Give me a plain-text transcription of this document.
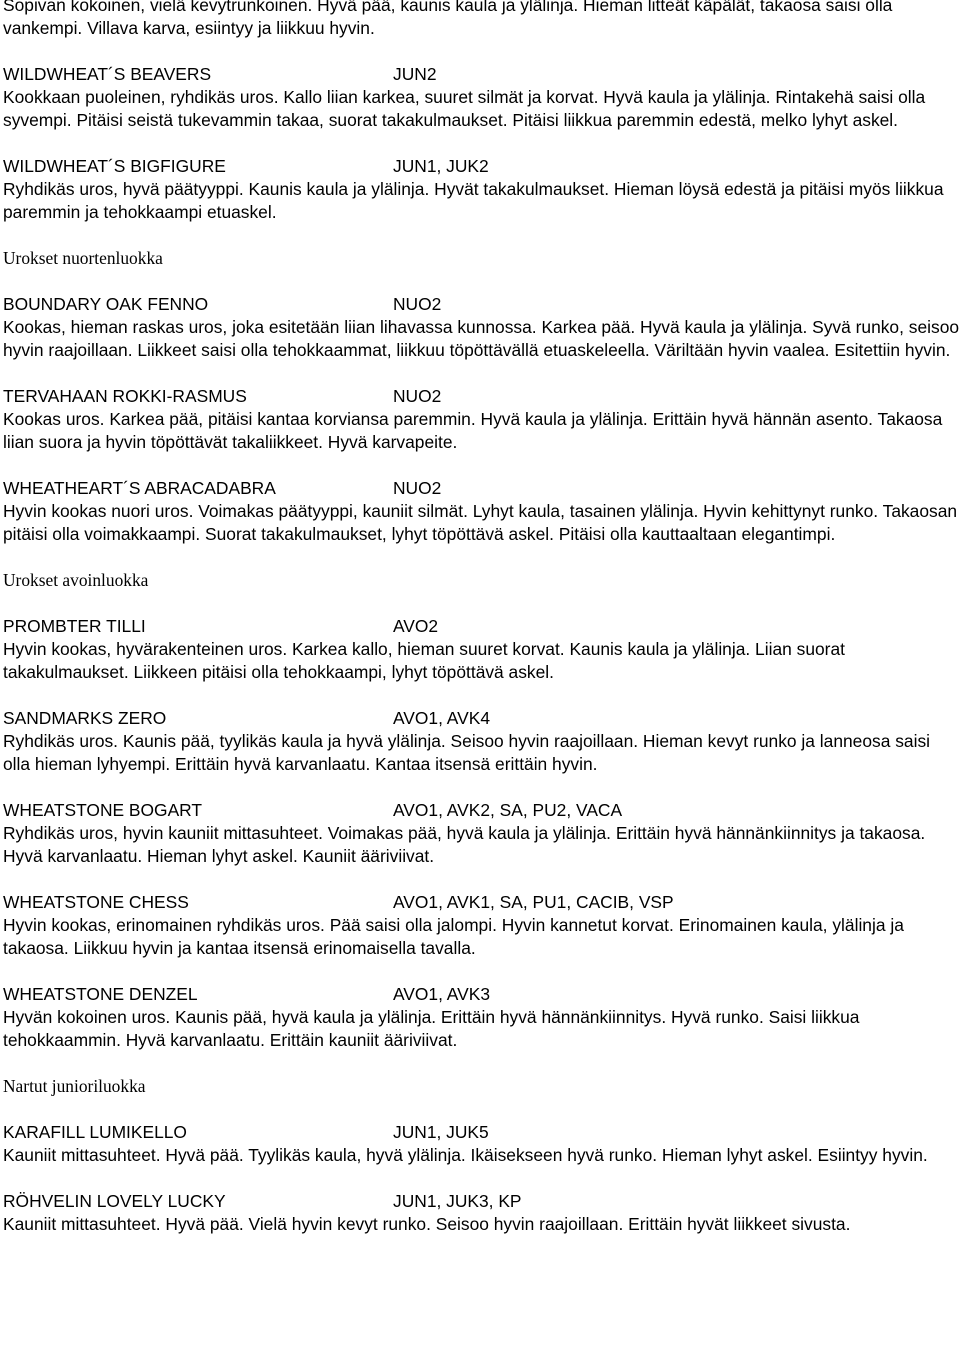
Sopivan kokoinen, vielä kevytrunkoinen. Hyvä pää, kaunis kaula ja ylälinja. Hieman litteät käpälät, takaosa saisi olla vankempi. Villava karva, esiintyy ja liikkuu hyvin.

WILDWHEAT´S BEAVERS	JUN2

Kookkaan puoleinen, ryhdikäs uros. Kallo liian karkea, suuret silmät ja korvat. Hyvä kaula ja ylälinja. Rintakehä saisi olla syvempi. Pitäisi seistä tukevammin takaa, suorat takakulmaukset. Pitäisi liikkua paremmin edestä, melko lyhyt askel.

WILDWHEAT´S BIGFIGURE	JUN1, JUK2

Ryhdikäs uros, hyvä päätyyppi. Kaunis kaula ja ylälinja. Hyvät takakulmaukset. Hieman löysä edestä ja pitäisi myös liikkua paremmin ja tehokkaampi etuaskel.

Urokset nuortenluokka
BOUNDARY OAK FENNO	NUO2

Kookas, hieman raskas uros, joka esitetään liian lihavassa kunnossa. Karkea pää. Hyvä kaula ja ylälinja. Syvä runko, seisoo hyvin raajoillaan. Liikkeet saisi olla tehokkaammat, liikkuu töpöttävällä etuaskeleella. Väriltään hyvin vaalea. Esitettiin hyvin.

TERVAHAAN ROKKI-RASMUS	NUO2

Kookas uros. Karkea pää, pitäisi kantaa korviansa paremmin. Hyvä kaula ja ylälinja. Erittäin hyvä hännän asento. Takaosa liian suora ja hyvin töpöttävät takaliikkeet. Hyvä karvapeite.

WHEATHEART´S ABRACADABRA	NUO2

Hyvin kookas nuori uros. Voimakas päätyyppi, kauniit silmät. Lyhyt kaula, tasainen ylälinja. Hyvin kehittynyt runko. Takaosan pitäisi olla voimakkaampi. Suorat takakulmaukset, lyhyt töpöttävä askel. Pitäisi olla kauttaaltaan elegantimpi.

Urokset avoinluokka
PROMBTER TILLI	AVO2

Hyvin kookas, hyvärakenteinen uros. Karkea kallo, hieman suuret korvat. Kaunis kaula ja ylälinja. Liian suorat takakulmaukset. Liikkeen pitäisi olla tehokkaampi, lyhyt töpöttävä askel.

SANDMARKS ZERO	AVO1, AVK4

Ryhdikäs uros. Kaunis pää, tyylikäs kaula ja hyvä ylälinja. Seisoo hyvin raajoillaan. Hieman kevyt runko ja lanneosa saisi olla hieman lyhyempi. Erittäin hyvä karvanlaatu. Kantaa itsensä erittäin hyvin.

WHEATSTONE BOGART	AVO1, AVK2, SA, PU2, VACA

Ryhdikäs uros, hyvin kauniit mittasuhteet. Voimakas pää, hyvä kaula ja ylälinja. Erittäin hyvä hännänkiinnitys ja takaosa. Hyvä karvanlaatu. Hieman lyhyt askel. Kauniit ääriviivat.

WHEATSTONE CHESS	AVO1, AVK1, SA, PU1, CACIB, VSP

Hyvin kookas, erinomainen ryhdikäs uros. Pää saisi olla jalompi. Hyvin kannetut korvat. Erinomainen kaula, ylälinja ja takaosa. Liikkuu hyvin ja kantaa itsensä erinomaisella tavalla.

WHEATSTONE DENZEL	AVO1, AVK3

Hyvän kokoinen uros. Kaunis pää, hyvä kaula ja ylälinja. Erittäin hyvä hännänkiinnitys. Hyvä runko. Saisi liikkua tehokkaammin. Hyvä karvanlaatu. Erittäin kauniit ääriviivat.

Nartut junioriluokka
KARAFILL LUMIKELLO	JUN1, JUK5

Kauniit mittasuhteet. Hyvä pää. Tyylikäs kaula, hyvä ylälinja. Ikäisekseen hyvä runko. Hieman lyhyt askel. Esiintyy hyvin.

RÖHVELIN LOVELY LUCKY	JUN1, JUK3, KP

Kauniit mittasuhteet. Hyvä pää. Vielä hyvin kevyt runko. Seisoo hyvin raajoillaan. Erittäin hyvät liikkeet sivusta.
